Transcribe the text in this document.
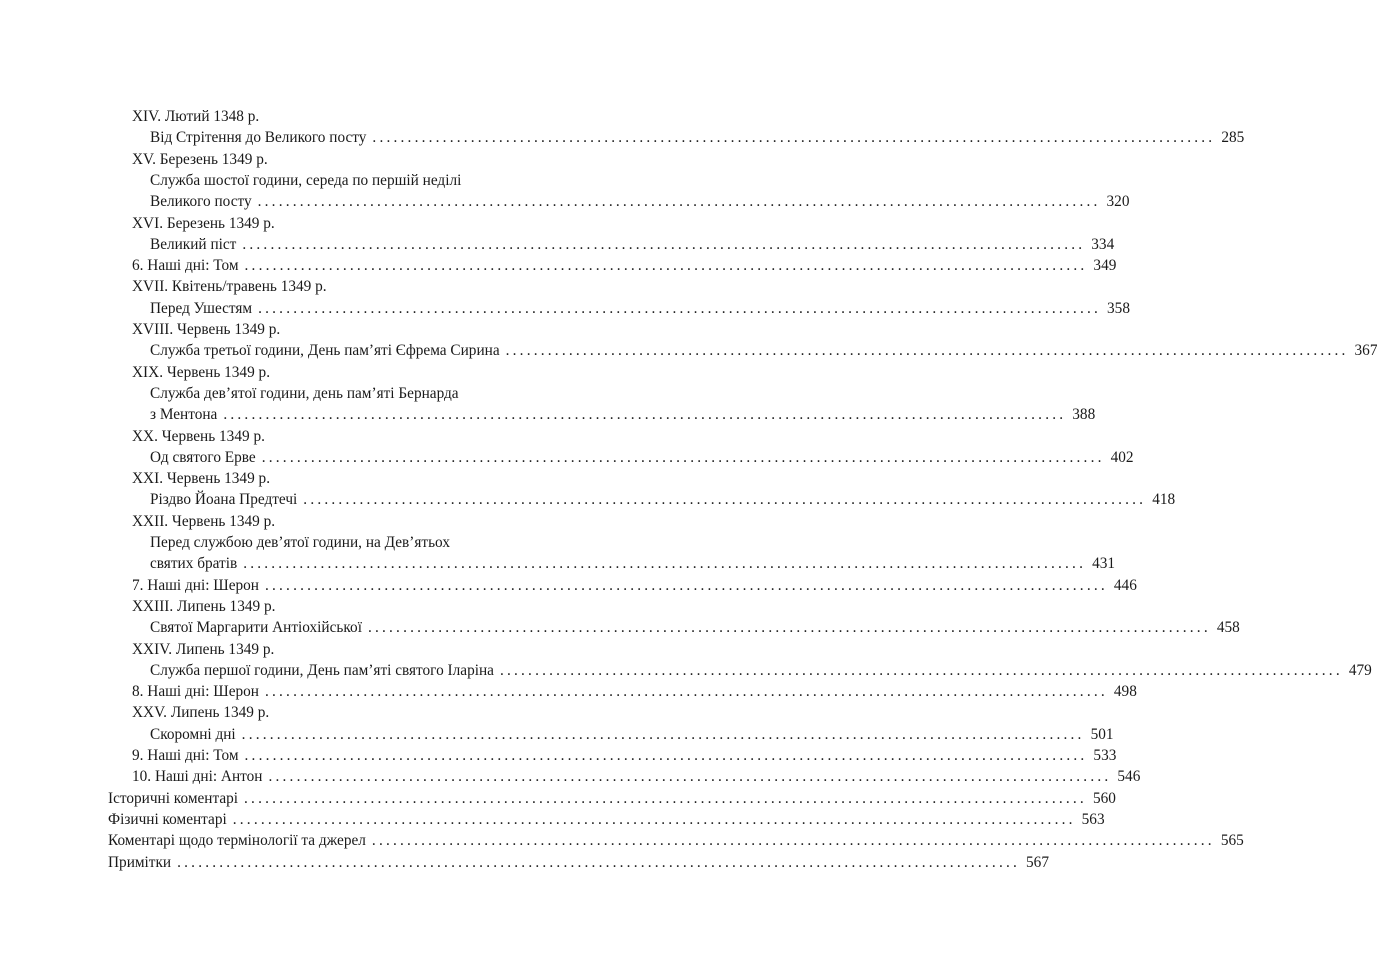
XIV. Лютий 1348 р.
Від Стрітення до Великого посту ........................................................................................................................ 285
XV. Березень 1349 р.
Служба шостої години, середа по першій неділі
Великого посту ........................................................................................................................ 320
XVI. Березень 1349 р.
Великий піст ........................................................................................................................ 334
6. Наші дні: Том ........................................................................................................................ 349
XVII. Квітень/травень 1349 р.
Перед Ушестям ........................................................................................................................ 358
XVIII. Червень 1349 р.
Служба третьої години, День пам’яті Єфрема Сирина ........................................................................................................................ 367
XIX. Червень 1349 р.
Служба дев’ятої години, день пам’яті Бернарда
з Ментона ........................................................................................................................ 388
XX. Червень 1349 р.
Од святого Ерве ........................................................................................................................ 402
XXI. Червень 1349 р.
Різдво Йоана Предтечі ........................................................................................................................ 418
XXII. Червень 1349 р.
Перед службою дев’ятої години, на Дев’ятьох
святих братів ........................................................................................................................ 431
7. Наші дні: Шерон ........................................................................................................................ 446
XXIII. Липень 1349 р.
Святої Маргарити Антіохійської ........................................................................................................................ 458
XXIV. Липень 1349 р.
Служба першої години, День пам’яті святого Іларіна ........................................................................................................................ 479
8. Наші дні: Шерон ........................................................................................................................ 498
XXV. Липень 1349 р.
Скоромні дні ........................................................................................................................ 501
9. Наші дні: Том ........................................................................................................................ 533
10. Наші дні: Антон ........................................................................................................................ 546
Історичні коментарі ........................................................................................................................ 560
Фізичні коментарі ........................................................................................................................ 563
Коментарі щодо термінології та джерел ........................................................................................................................ 565
Примітки ........................................................................................................................ 567
